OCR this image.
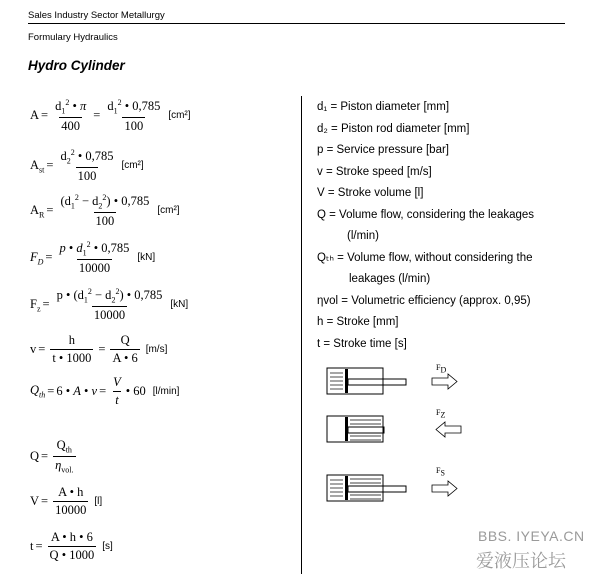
Sales Industry Sector Metallurgy
Formulary Hydraulics
Hydro Cylinder
$A = \frac{d_1^2 • \pi}{400} = \frac{d_1^2 • 0,785}{100} [cm^2]$
$A_{st} = \frac{d_2^2 • 0,785}{100} [cm^2]$
$A_R = \frac{(d_1^2 - d_2^2) • 0,785}{100} [cm^2]$
$F_D = \frac{p • d_1^2 • 0,785}{10000} [kN]$
$F_z = \frac{p • (d_1^2 - d_2^2) • 0,785}{10000} [kN]$
$v = \frac{h}{t • 1000} = \frac{Q}{A • 6} [m/s]$
$Q_{th} = 6$ • A • $v = \frac{V}{t}$ • 60 [l/min]
$Q = \frac{Q_{th}}{\eta_{vol.}}$
$V = \frac{A • h}{10000} [l]$
$t = \frac{A • h • 6}{Q • 1000} [s]$
d₁ = Piston diameter [mm]
d₂ = Piston rod diameter [mm]
p = Service pressure [bar]
v = Stroke speed [m/s]
V = Stroke volume [l]
Q = Volume flow, considering the leakages
(l/min)
Qₜₕ = Volume flow, without considering the
leakages (l/min)
ηvol = Volumetric efficiency (approx. 0,95)
h = Stroke [mm]
t = Stroke time [s]
$F_D$
$F_Z$
$F_S$
BBS. IYEYA.CN
爱液压论坛
